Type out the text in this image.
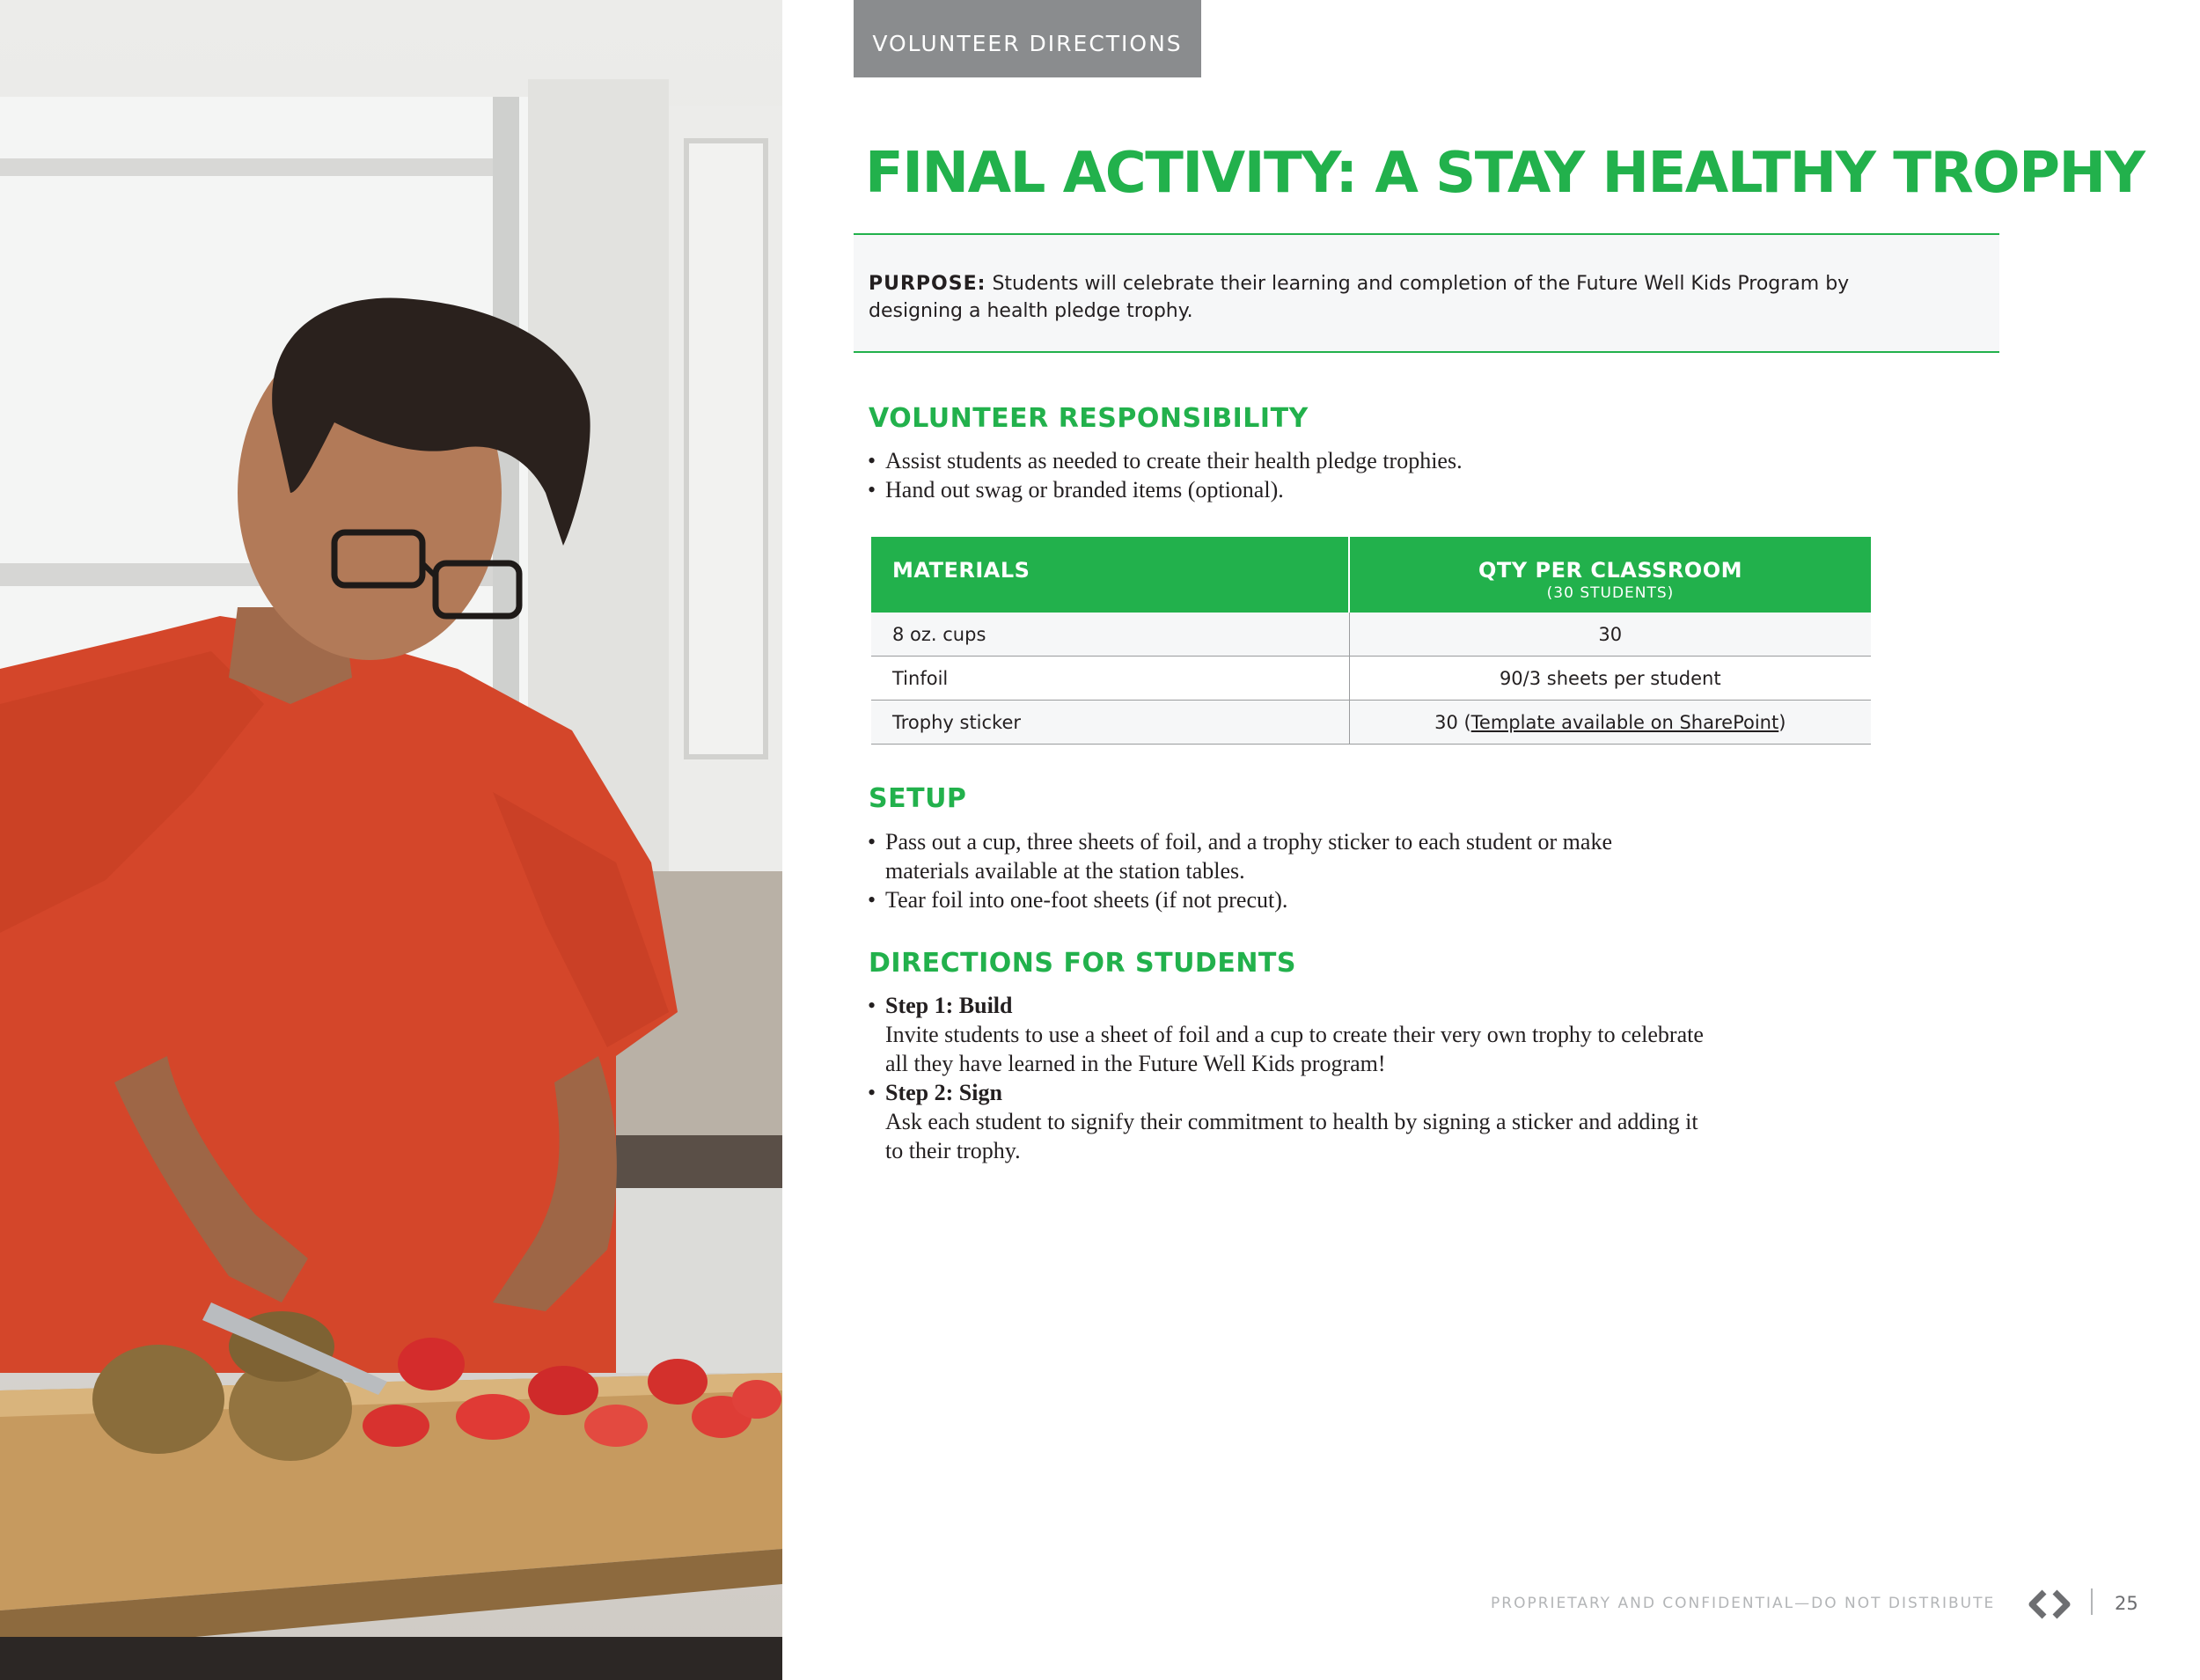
VOLUNTEER DIRECTIONS
FINAL ACTIVITY: A STAY HEALTHY TROPHY
PURPOSE: Students will celebrate their learning and completion of the Future Well Kids Program by designing a health pledge trophy.
VOLUNTEER RESPONSIBILITY
• Assist students as needed to create their health pledge trophies.
• Hand out swag or branded items (optional).
MATERIALS	QTY PER CLASSROOM
(30 STUDENTS)

8 oz. cups	30
Tinfoil	90/3 sheets per student
Trophy sticker	30 (Template available on SharePoint)
SETUP
• Pass out a cup, three sheets of foil, and a trophy sticker to each student or make materials available at the station tables.
• Tear foil into one-foot sheets (if not precut).
DIRECTIONS FOR STUDENTS
• Step 1: Build
Invite students to use a sheet of foil and a cup to create their very own trophy to celebrate all they have learned in the Future Well Kids program!
• Step 2: Sign
Ask each student to signify their commitment to health by signing a sticker and adding it to their trophy.
PROPRIETARY AND CONFIDENTIAL—DO NOT DISTRIBUTE
	25
